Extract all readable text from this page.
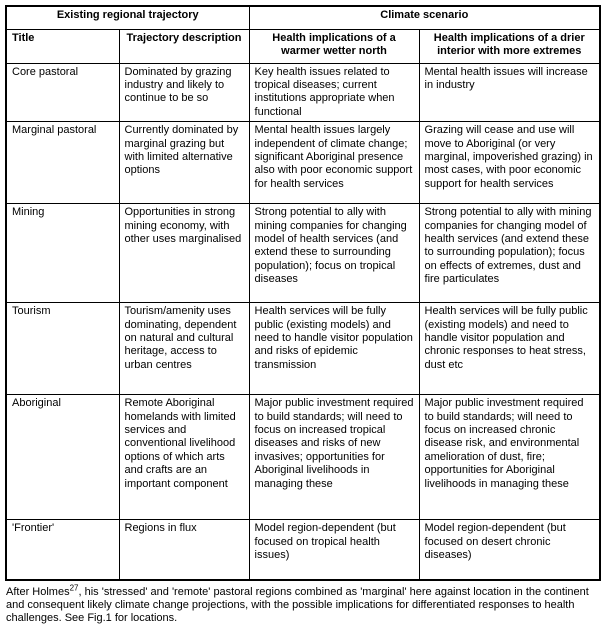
Existing regional trajectory		Climate scenario	
Title	Trajectory description	Health implications of a warmer wetter north	Health implications of a drier interior with more extremes
Core pastoral	Dominated by grazing industry and likely to continue to be so	Key health issues related to tropical diseases; current institutions appropriate when functional	Mental health issues will increase in industry
Marginal pastoral	Currently dominated by marginal grazing but with limited alternative options	Mental health issues largely independent of climate change; significant Aboriginal presence also with poor economic support for health services	Grazing will cease and use will move to Aboriginal (or very marginal, impoverished grazing) in most cases, with poor economic support for health services
Mining	Opportunities in strong mining economy, with other uses marginalised	Strong potential to ally with mining companies for changing model of health services (and extend these to surrounding population); focus on tropical diseases	Strong potential to ally with mining companies for changing model of health services (and extend these to surrounding population); focus on effects of extremes, dust and fire particulates
Tourism	Tourism/amenity uses dominating, dependent on natural and cultural heritage, access to urban centres	Health services will be fully public (existing models) and need to handle visitor population and risks of epidemic transmission	Health services will be fully public (existing models) and need to handle visitor population and chronic responses to heat stress, dust etc
Aboriginal	Remote Aboriginal homelands with limited services and conventional livelihood options of which arts and crafts are an important component	Major public investment required to build standards; will need to focus on increased tropical diseases and risks of new invasives; opportunities for Aboriginal livelihoods in managing these	Major public investment required to build standards; will need to focus on increased chronic disease risk, and environmental amelioration of dust, fire; opportunities for Aboriginal livelihoods in managing these
'Frontier'	Regions in flux	Model region-dependent (but focused on tropical health issues)	Model region-dependent (but focused on desert chronic diseases)

After Holmes$^{27}$, his 'stressed' and 'remote' pastoral regions combined as 'marginal' here against location in the continent and consequent likely climate change projections, with the possible implications for differentiated responses to health challenges. See Fig.1 for locations.
